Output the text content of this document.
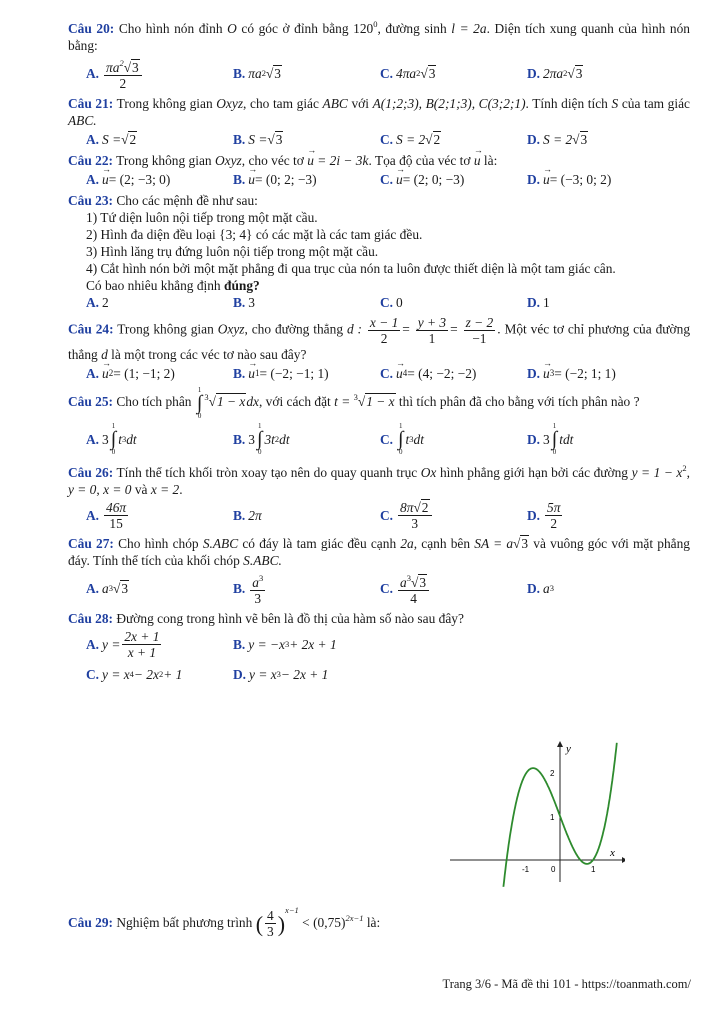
Câu 20: Cho hình nón đỉnh O có góc ở đỉnh bằng $120^0$, đường sinh l = 2a. Diện tích xung quanh của hình nón bằng:
A. $\frac{\pi a^2√3}{2}$	B. πa 2 √ 3	C. 4πa 2 √ 3	D. 2πa 2 √ 3
Câu 21: Trong không gian Oxyz, cho tam giác ABC với A(1;2;3), B(2;1;3), C(3;2;1). Tính diện tích S của tam giác ABC.
A. S = √ 2	B. S = √ 3	C. S = 2 √ 2	D. S = 2 √ 3
Câu 22: Trong không gian Oxyz, cho véc tơ → u = 2i − 3k. Tọa độ của véc tơ → u là:
A. → u = (2; −3; 0)	B. → u = (0; 2; −3)	C. → u = (2; 0; −3)	D. → u = (−3; 0; 2)
Câu 23: Cho các mệnh đề như sau:
1) Tứ diện luôn nội tiếp trong một mặt cầu.
2) Hình đa diện đều loại {3; 4} có các mặt là các tam giác đều.
3) Hình lăng trụ đứng luôn nội tiếp trong một mặt cầu.
4) Cắt hình nón bởi một mặt phẳng đi qua trục của nón ta luôn được thiết diện là một tam giác cân.
Có bao nhiêu khẳng định đúng?
A. 2	B. 3	C. 0	D. 1
Câu 24: Trong không gian Oxyz, cho đường thẳng d : $\frac{x - 1}{2} = \frac{y + 3}{1} = \frac{z - 2}{-1}$ . Một véc tơ chỉ phương của đường thẳng d là một trong các véc tơ nào sau đây?
A. → u 2 = (1; −1; 2)	B. → u 1 = (−2; −1; 1)	C. → u 4 = (4; −2; −2)	D. → u 3 = (−2; 1; 1)
Câu 25: Cho tích phân
1
∫
0
$^3$√1 − xdx, với cách đặt t = $^3$√1 − x thì tích phân đã cho bằng với tích phân nào ?
A. 3
1
∫
0
t 3 dt	B. 3
1
∫
0
3t 2 dt	C.
1
∫
0
t 3 dt	D. 3
1
∫
0
t dt
Câu 26: Tính thể tích khối tròn xoay tạo nên do quay quanh trục Ox hình phẳng giới hạn bởi các đường $y = 1 - x^2$, y = 0, x = 0 và x = 2.
A. $\frac{46\pi}{15}$	B. 2π	C. $\frac{8\pi√2}{3}$	D. $\frac{5\pi}{2}$
Câu 27: Cho hình chóp S.ABC có đáy là tam giác đều cạnh 2a, cạnh bên SA = a√3 và vuông góc với mặt phẳng đáy. Tính thể tích của khối chóp S.ABC.
A. a 3 √ 3	B. $\frac{a^3}{3}$	C. $\frac{a^3√3}{4}$	D. a 3
Câu 28: Đường cong trong hình vẽ bên là đồ thị của hàm số nào sau đây?
A. $y = \frac{2x + 1}{x + 1}$	B. y = −x 3 + 2x + 1
C. y = x 4 − 2x 2 + 1	D. y = x 3 − 2x + 1
Câu 29: Nghiệm bất phương trình ( $\frac{4}{3} )^{x-1} < (0,75)^{2x-1}$ là:
x
y
2
1
-1	0	1
Trang 3/6 - Mã đề thi 101 - https://toanmath.com/
